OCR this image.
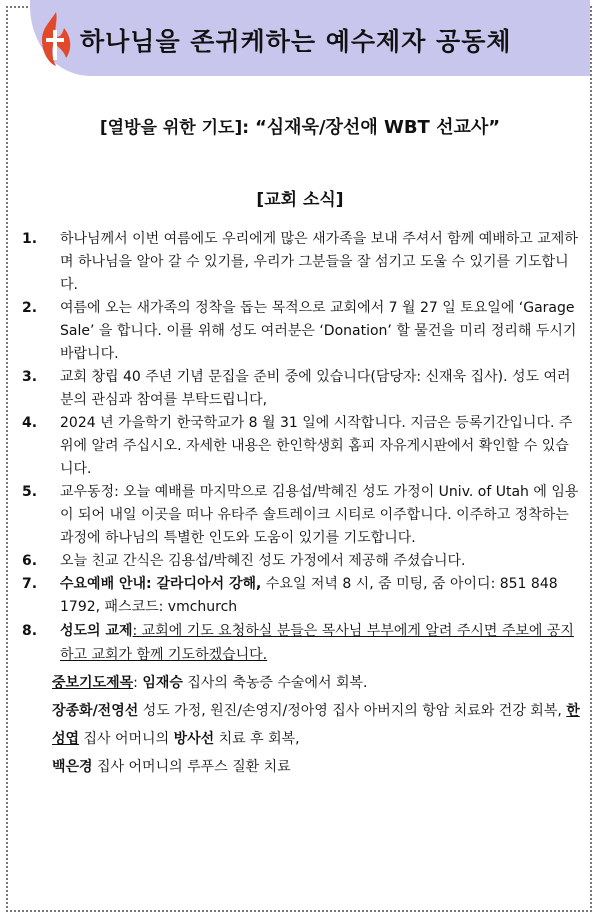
하나님을 존귀케하는 예수제자 공동체
[열방을 위한 기도]: “심재욱/장선애 WBT 선교사”
[교회 소식]
1. 하나님께서 이번 여름에도 우리에게 많은 새가족을 보내 주셔서 함께 예배하고 교제하며 하나님을 알아 갈 수 있기를, 우리가 그분들을 잘 섬기고 도울 수 있기를 기도합니다.
2. 여름에 오는 새가족의 정착을 돕는 목적으로 교회에서 7 월 27 일 토요일에 ‘Garage Sale’ 을 합니다. 이를 위해 성도 여러분은 ‘Donation’ 할 물건을 미리 정리해 두시기 바랍니다.
3. 교회 창립 40 주년 기념 문집을 준비 중에 있습니다(담당자: 신재욱 집사). 성도 여러분의 관심과 참여를 부탁드립니다,
4. 2024 년 가을학기 한국학교가 8 월 31 일에 시작합니다. 지금은 등록기간입니다. 주위에 알려 주십시오. 자세한 내용은 한인학생회 홈피 자유게시판에서 확인할 수 있습니다.
5. 교우동정: 오늘 예배를 마지막으로 김용섭/박혜진 성도 가정이 Univ. of Utah 에 임용이 되어 내일 이곳을 떠나 유타주 솔트레이크 시티로 이주합니다. 이주하고 정착하는 과정에 하나님의 특별한 인도와 도움이 있기를 기도합니다.
6. 오늘 친교 간식은 김용섭/박혜진 성도 가정에서 제공해 주셨습니다.
7. 수요예배 안내: 갈라디아서 강해, 수요일 저녁 8 시, 줌 미팅, 줌 아이디: 851 848 1792, 패스코드: vmchurch
8. 성도의 교제: 교회에 기도 요청하실 분들은 목사님 부부에게 알려 주시면 주보에 공지하고 교회가 함께 기도하겠습니다.
중보기도제목: 임재승 집사의 축농증 수술에서 회복.
장종화/전영선 성도 가정, 원진/손영지/정아영 집사 아버지의 항암 치료와 건강 회복, 한성엽 집사 어머니의 방사선 치료 후 회복,
백은경 집사 어머니의 루푸스 질환 치료
